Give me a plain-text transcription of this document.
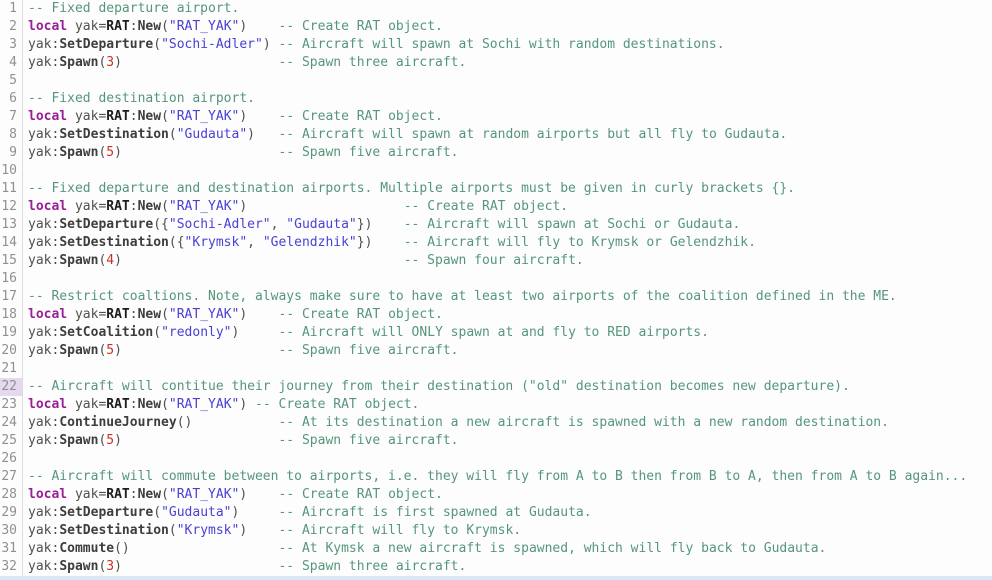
1 -- Fixed departure airport.
2 local yak=RAT:New("RAT_YAK")    -- Create RAT object.
3 yak:SetDeparture("Sochi-Adler") -- Aircraft will spawn at Sochi with random destinations.
4 yak:Spawn(3)                    -- Spawn three aircraft.
5
6 -- Fixed destination airport.
7 local yak=RAT:New("RAT_YAK")    -- Create RAT object.
8 yak:SetDestination("Gudauta")   -- Aircraft will spawn at random airports but all fly to Gudauta.
9 yak:Spawn(5)                    -- Spawn five aircraft.
10
11 -- Fixed departure and destination airports. Multiple airports must be given in curly brackets {}.
12 local yak=RAT:New("RAT_YAK")                    -- Create RAT object.
13 yak:SetDeparture({"Sochi-Adler", "Gudauta"})    -- Aircraft will spawn at Sochi or Gudauta.
14 yak:SetDestination({"Krymsk", "Gelendzhik"})    -- Aircraft will fly to Krymsk or Gelendzhik.
15 yak:Spawn(4)                                    -- Spawn four aircraft.
16
17 -- Restrict coaltions. Note, always make sure to have at least two airports of the coalition defined in the ME.
18 local yak=RAT:New("RAT_YAK")    -- Create RAT object.
19 yak:SetCoalition("redonly")     -- Aircraft will ONLY spawn at and fly to RED airports.
20 yak:Spawn(5)                    -- Spawn five aircraft.
21
22 -- Aircraft will contitue their journey from their destination ("old" destination becomes new departure).
23 local yak=RAT:New("RAT_YAK") -- Create RAT object.
24 yak:ContinueJourney()           -- At its destination a new aircraft is spawned with a new random destination.
25 yak:Spawn(5)                    -- Spawn five aircraft.
26
27 -- Aircraft will commute between to airports, i.e. they will fly from A to B then from B to A, then from A to B again...
28 local yak=RAT:New("RAT_YAK")    -- Create RAT object.
29 yak:SetDeparture("Gudauta")     -- Aircraft is first spawned at Gudauta.
30 yak:SetDestination("Krymsk")    -- Aircraft will fly to Krymsk.
31 yak:Commute()                   -- At Kymsk a new aircraft is spawned, which will fly back to Gudauta.
32 yak:Spawn(3)                    -- Spawn three aircraft.
